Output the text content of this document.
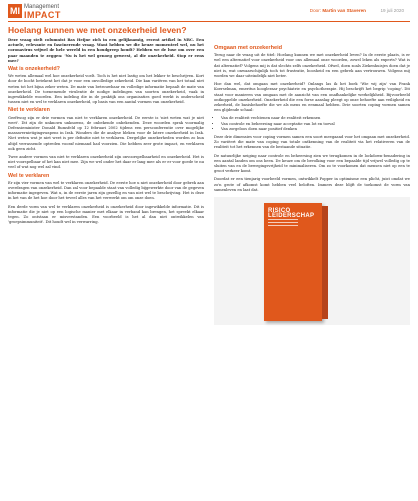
MI Management
IMPACT	Door: Martin van Staveren	19 juli 2020
Hoelang kunnen we met onzekerheid leven?

Deze vraag stelt columnist Bas Heijne zich in een gelijknamig, recent artikel in NRC. Een actuele, relevante en fascinerende vraag. Want hebben we die keuze momenteel wel, nu het coronavirus vrijwel de hele wereld in een houdgreep houdt? Hebben we de luxe om over een paar maanden te zeggen: 'Nu is het wel genoeg geweest, al die onzekerheid. Stop er eens mee!'

Wat is onzekerheid?

We weten allemaal wel hoe onzekerheid voelt. Toch is het niet lastig om het lekker te beschrijven. Kort door de bocht betekent het dat je voor een onvolledige zekerheid. Die kan variëren van het totaal niet weten tot het bijna zeker weten. De mate van betrouwbaar en volledige informatie bepaalt de mate van onzekerheid. De toenemende virulentie de nodige indelingen van soorten onzekerheid, vaak in ingewikkelde woorden. Een indeling die in de praktijk ons organisaties goed werkt is onderscheid tussen niet en wel te verklaren onzekerheid, op basis van een aantal vormen van onzekerheid.

Niet te verklaren

Geeftwog zijn er drie vormen van niet te verklaren onzekerheid. De eerste is 'niet weten wat je niet weet'. Dit zijn de unknown unknowns, de onbekende onbekenden. Deze woorden sprak voormalig Defensieminister Donald Rumsfeld op 12 februari 2002 tijdens een persconferentie over mogelijke massavernietigingswapens in Irak. Wonders die de analyse bleken voor de latere onzekerheid in Irak. Niet weten wat je niet weet is per definitie niet te verklaren. Dergelijke onzekerheden worden zo hun altijd verrassende optreden vooraf niemand had voorzien. Die hebben zeer grote impact, en verklaren ook geen zicht.

Twee andere vormen van niet te verklaren onzekerheid zijn onvoorspelbaarheid en onzekerheid. Het is niet voorspelbaar of het kan niet mee. Zijn we wel onder het daar er lang mee als er er voor goede te nu veel of wat nog wel zal vind.

Wel te verklaren

Er zijn vier vormen van wel te verklaren onzekerheid. De eerste hoe u niet onzekerheid door gebrek aan overdragen van onzekerheid. Dan zal voor bepaalde staat van volledig bijgewerkte door van de gegeven informatie ingegeven. Wat u, in de eerste jaren zijn gezellig en van niet wel te beschrijving. Het is deze in het van de het hoe door het teveel alles van het verwerkt om om onze doen.

Een derde vorm van wel te verklaren onzekerheid is onzekerheid door ingewikkelde informatie. Dit is informatie die je niet op een logische manier met elkaar in verband kan brengen, het spreekt elkaar tegen. Zo ontstaan er misverstanden. Een voorbeeld is het al dan niet ontwikkelen van 'groepsimmuniteit'. Dit houdt wel in verwarring.

Omgaan met onzekerheid

Terug naar de vraag uit de titel: Hoelang kunnen we met onzekerheid leven? In de eerste plaats, is er wel een alternatief voor onzekerheid voor ons allemaal onze woorden, zowel leken als experts? Wat is dat alternatief? Volgens mij is dat slechts zelfs onzekerheid. Ofwel, doen zoals Ziekenhuisjes doen dat je niet is, wat onwaarschijnlijk toch tot frustratie, boosheid en een gebrek aan vertrouwen. Volgens mij worden we daar uiteindelijk niet beter.

Hoe dan wel, dat omgaan met onzekerheid? Onlangs las ik het boek 'Wie wij zijn' van Frank Koerselman, emeritus hoogleraar psychiatrie en psychotherapie. Hij beschrijft het begrip 'coping'. Dit staat voor manieren van omgaan met de aanzicht van een onafhankelijke werkelijkheid. Bijvoorbeeld ontkoppelde onzekerheid. Onzekerheid die een forse aanslag pleegt op onze behoefte aan veiligheid en zekerheid, de basisbehoefte die we als mens en eenmaal hebben. Drie soorten coping vormen samen een glijdende schaal:

• Van de realiteit vechtenen naar de realiteit erkennen
• Van controle en beheersing naar acceptatie van lot en toeval
• Van zorgeloos doen naar positief denken

Deze drie dimensies voor coping vormen samen een soort meegaand voor het omgaan met onzekerheid. Zo variëert die mate van coping van totale ontkenning van de realiteit via het relativeren van de realiteit tot het erkennen van de bestaande situatie.

De natuurlijke neiging naar controle en beheersing zien we terugkomen in de lockdown-benadering in een aantal landen om ons heen. De keuze om de bevolking voor een bepaalde tijd vrijwel volledig op te sluiten van en de bewegingsvrijheid te minimaliseren. Om zo te voorkomen dat mensen niet op een te groot verkeer komt.

Doordat er een tienjarig voorbeeld vormen, ontwikkelt Popper in optimisme een plicht, juist omdat we zo'n grote of afkomst komt hebben veel beloften. Immers deze blijft de toekomst de vorm van samenleven en laat dat.

RISICO LEIDERSCHAP
